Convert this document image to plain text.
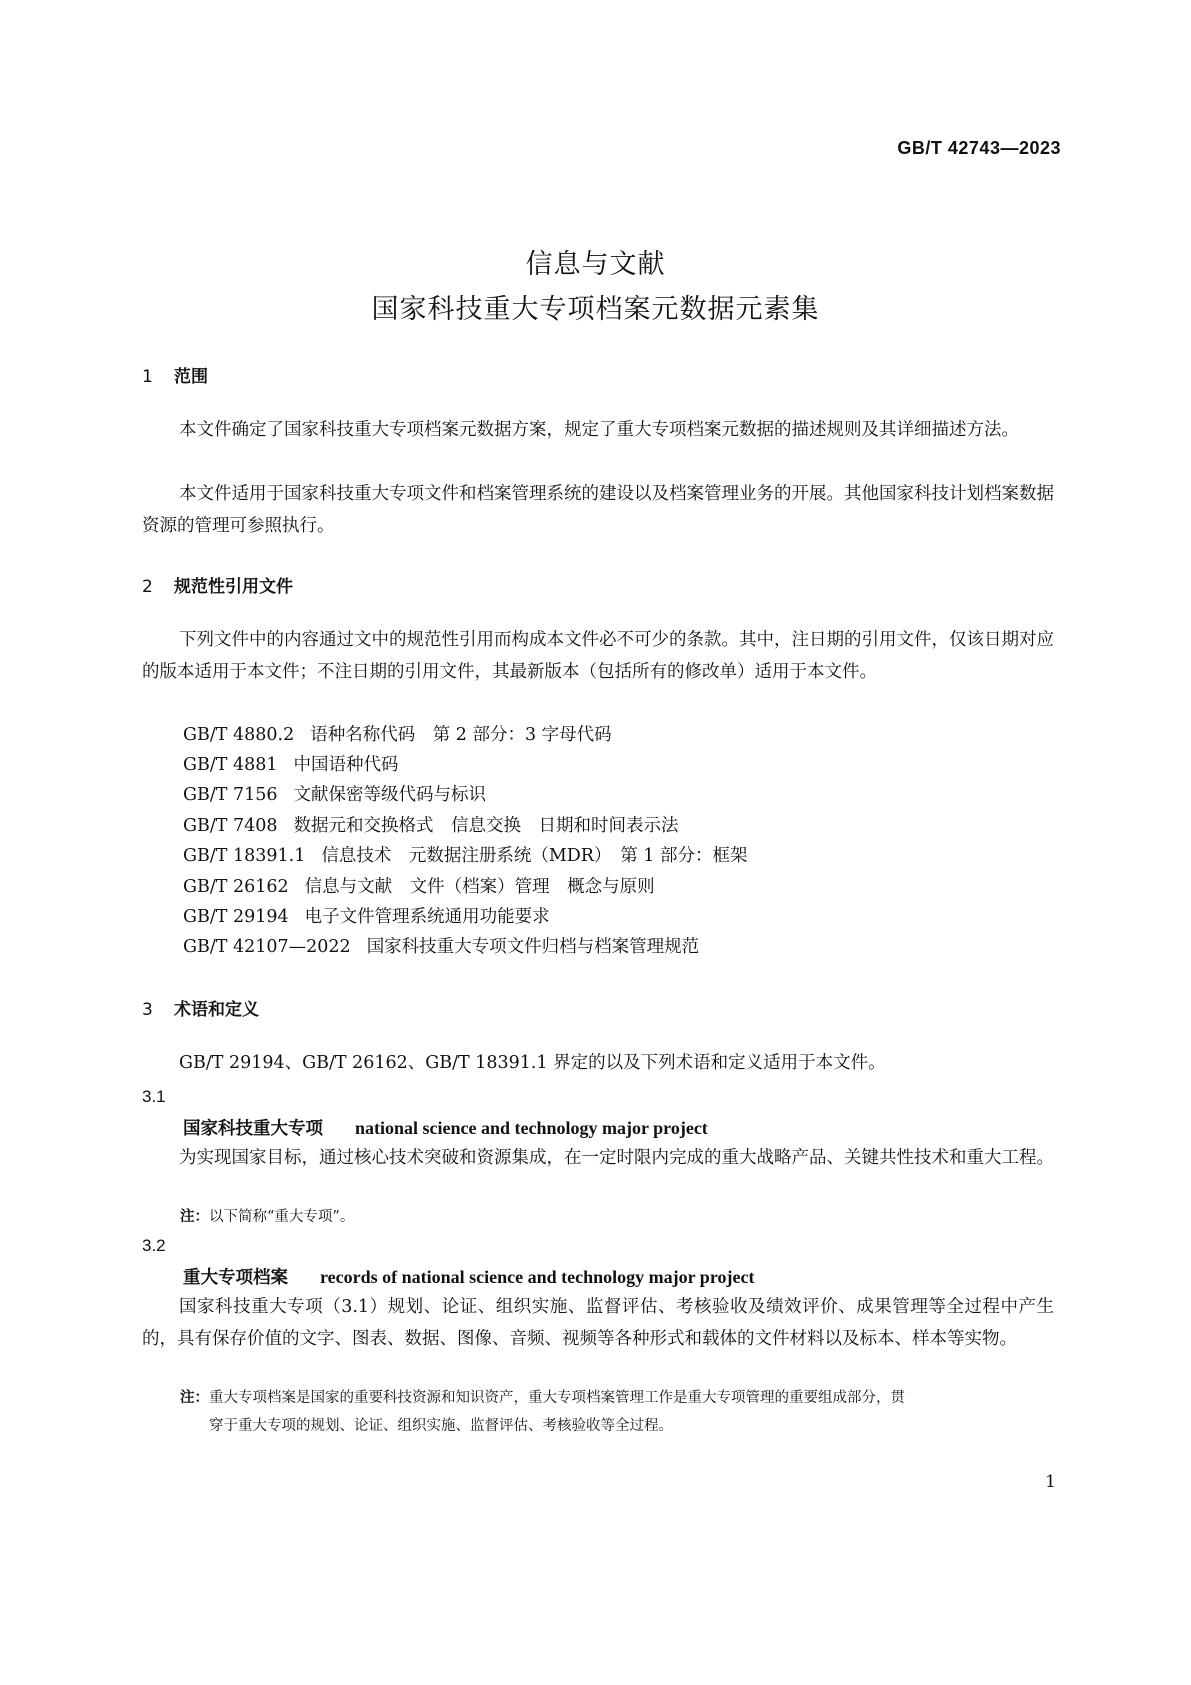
GB/T 42743—2023
信息与文献
国家科技重大专项档案元数据元素集
1 范围

本文件确定了国家科技重大专项档案元数据方案，规定了重大专项档案元数据的描述规则及其详细描述方法。

本文件适用于国家科技重大专项文件和档案管理系统的建设以及档案管理业务的开展。其他国家科技计划档案数据资源的管理可参照执行。

2 规范性引用文件

下列文件中的内容通过文中的规范性引用而构成本文件必不可少的条款。其中，注日期的引用文件，仅该日期对应的版本适用于本文件；不注日期的引用文件，其最新版本（包括所有的修改单）适用于本文件。

GB/T 4880.2 语种名称代码　第 2 部分：3 字母代码

GB/T 4881 中国语种代码

GB/T 7156 文献保密等级代码与标识

GB/T 7408 数据元和交换格式　信息交换　日期和时间表示法

GB/T 18391.1 信息技术　元数据注册系统（MDR）　第 1 部分：框架

GB/T 26162 信息与文献　文件（档案）管理　概念与原则

GB/T 29194 电子文件管理系统通用功能要求

GB/T 42107—2022 国家科技重大专项文件归档与档案管理规范

3 术语和定义

GB/T 29194、GB/T 26162、GB/T 18391.1 界定的以及下列术语和定义适用于本文件。

3.1
国家科技重大专项 national science and technology major project

为实现国家目标，通过核心技术突破和资源集成，在一定时限内完成的重大战略产品、关键共性技术和重大工程。

注：以下简称“重大专项”。

3.2
重大专项档案 records of national science and technology major project

国家科技重大专项（3.1）规划、论证、组织实施、监督评估、考核验收及绩效评价、成果管理等全过程中产生的，具有保存价值的文字、图表、数据、图像、音频、视频等各种形式和载体的文件材料以及标本、样本等实物。

注：重大专项档案是国家的重要科技资源和知识资产，重大专项档案管理工作是重大专项管理的重要组成部分，贯

穿于重大专项的规划、论证、组织实施、监督评估、考核验收等全过程。
1
